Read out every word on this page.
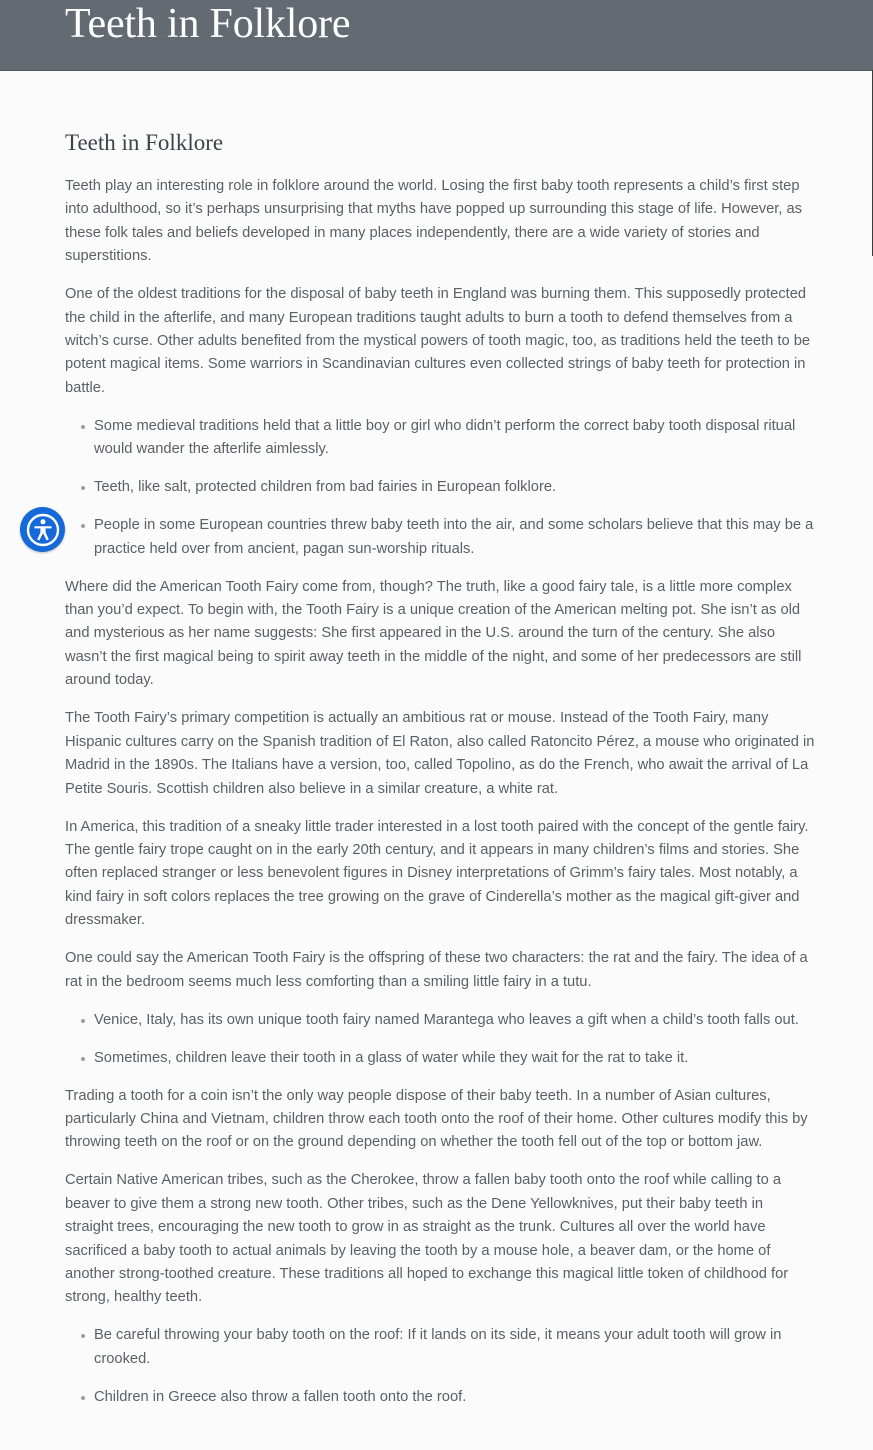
Teeth in Folklore
Teeth in Folklore

Teeth play an interesting role in folklore around the world. Losing the first baby tooth represents a child’s first step into adulthood, so it’s perhaps unsurprising that myths have popped up surrounding this stage of life. However, as these folk tales and beliefs developed in many places independently, there are a wide variety of stories and superstitions.

One of the oldest traditions for the disposal of baby teeth in England was burning them. This supposedly protected the child in the afterlife, and many European traditions taught adults to burn a tooth to defend themselves from a witch’s curse. Other adults benefited from the mystical powers of tooth magic, too, as traditions held the teeth to be potent magical items. Some warriors in Scandinavian cultures even collected strings of baby teeth for protection in battle.

Some medieval traditions held that a little boy or girl who didn’t perform the correct baby tooth disposal ritual would wander the afterlife aimlessly.
Teeth, like salt, protected children from bad fairies in European folklore.
People in some European countries threw baby teeth into the air, and some scholars believe that this may be a practice held over from ancient, pagan sun-worship rituals.

Where did the American Tooth Fairy come from, though? The truth, like a good fairy tale, is a little more complex than you’d expect. To begin with, the Tooth Fairy is a unique creation of the American melting pot. She isn’t as old and mysterious as her name suggests: She first appeared in the U.S. around the turn of the century. She also wasn’t the first magical being to spirit away teeth in the middle of the night, and some of her predecessors are still around today.

The Tooth Fairy’s primary competition is actually an ambitious rat or mouse. Instead of the Tooth Fairy, many Hispanic cultures carry on the Spanish tradition of El Raton, also called Ratoncito Pérez, a mouse who originated in Madrid in the 1890s. The Italians have a version, too, called Topolino, as do the French, who await the arrival of La Petite Souris. Scottish children also believe in a similar creature, a white rat.

In America, this tradition of a sneaky little trader interested in a lost tooth paired with the concept of the gentle fairy. The gentle fairy trope caught on in the early 20th century, and it appears in many children’s films and stories. She often replaced stranger or less benevolent figures in Disney interpretations of Grimm’s fairy tales. Most notably, a kind fairy in soft colors replaces the tree growing on the grave of Cinderella’s mother as the magical gift-giver and dressmaker.

One could say the American Tooth Fairy is the offspring of these two characters: the rat and the fairy. The idea of a rat in the bedroom seems much less comforting than a smiling little fairy in a tutu.

Venice, Italy, has its own unique tooth fairy named Marantega who leaves a gift when a child’s tooth falls out.
Sometimes, children leave their tooth in a glass of water while they wait for the rat to take it.

Trading a tooth for a coin isn’t the only way people dispose of their baby teeth. In a number of Asian cultures, particularly China and Vietnam, children throw each tooth onto the roof of their home. Other cultures modify this by throwing teeth on the roof or on the ground depending on whether the tooth fell out of the top or bottom jaw.

Certain Native American tribes, such as the Cherokee, throw a fallen baby tooth onto the roof while calling to a beaver to give them a strong new tooth. Other tribes, such as the Dene Yellowknives, put their baby teeth in straight trees, encouraging the new tooth to grow in as straight as the trunk. Cultures all over the world have sacrificed a baby tooth to actual animals by leaving the tooth by a mouse hole, a beaver dam, or the home of another strong-toothed creature. These traditions all hoped to exchange this magical little token of childhood for strong, healthy teeth.

Be careful throwing your baby tooth on the roof: If it lands on its side, it means your adult tooth will grow in crooked.
Children in Greece also throw a fallen tooth onto the roof.
